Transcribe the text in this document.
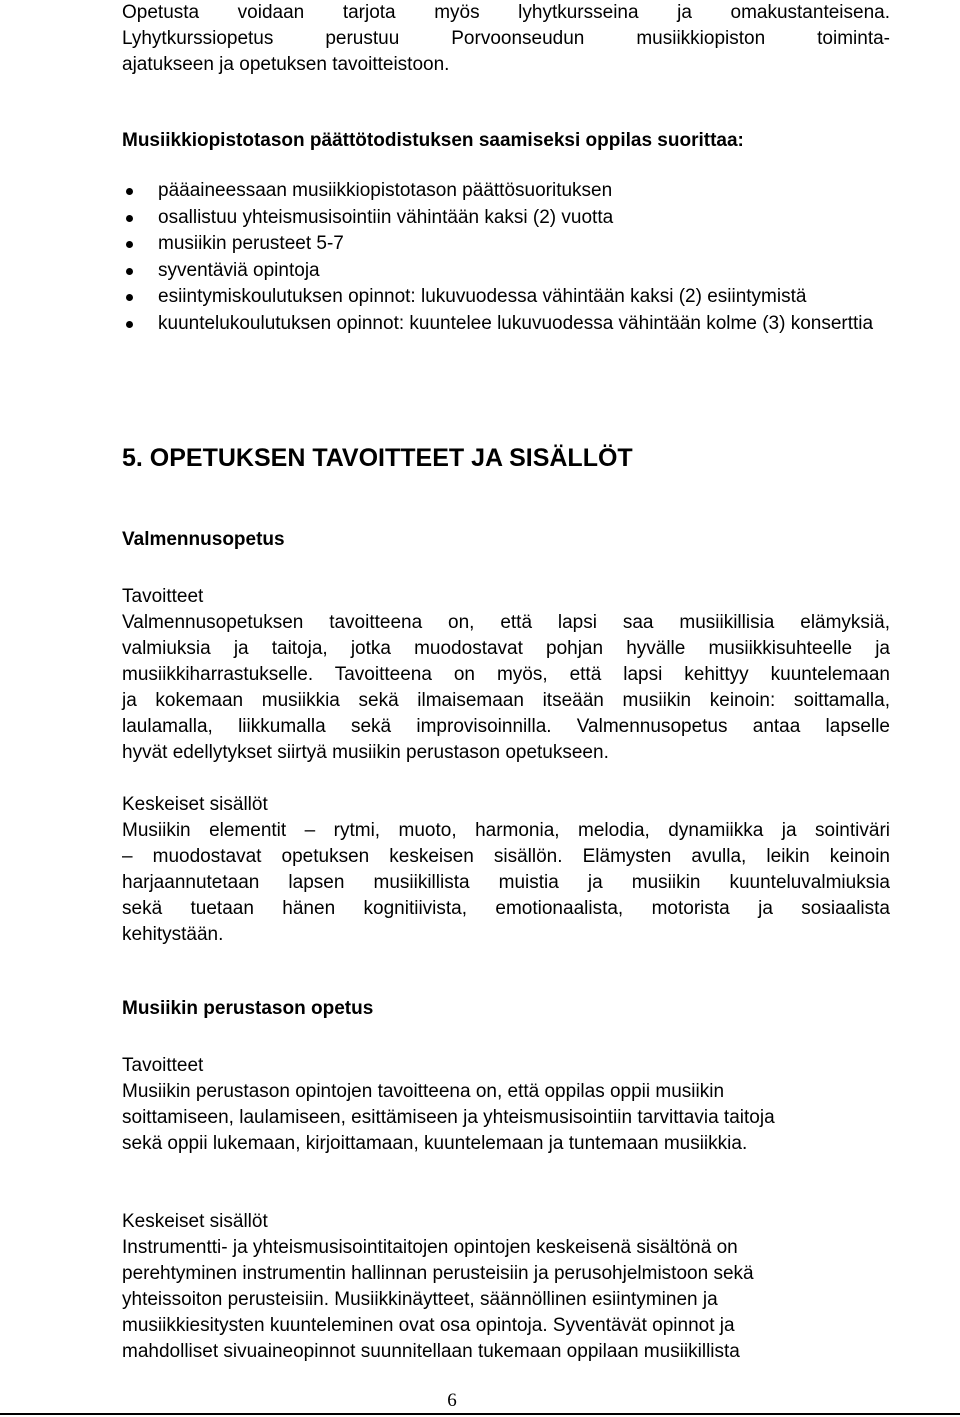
Opetusta voidaan tarjota myös lyhytkursseina ja omakustanteisena.
Lyhytkurssiopetus perustuu Porvoonseudun musiikkiopiston toiminta-
ajatukseen ja opetuksen tavoitteistoon.

Musiikkiopistotason päättötodistuksen saamiseksi oppilas suorittaa:

pääaineessaan musiikkiopistotason päättösuorituksen
osallistuu yhteismusisointiin vähintään kaksi (2) vuotta
musiikin perusteet 5-7
syventäviä opintoja
esiintymiskoulutuksen opinnot: lukuvuodessa vähintään kaksi (2) esiintymistä
kuuntelukoulutuksen opinnot: kuuntelee lukuvuodessa vähintään kolme (3) konserttia
5. OPETUKSEN TAVOITTEET JA SISÄLLÖT

Valmennusopetus

Tavoitteet

Valmennusopetuksen tavoitteena on, että lapsi saa musiikillisia elämyksiä,
valmiuksia ja taitoja, jotka muodostavat pohjan hyvälle musiikkisuhteelle ja
musiikkiharrastukselle. Tavoitteena on myös, että lapsi kehittyy kuuntelemaan
ja kokemaan musiikkia sekä ilmaisemaan itseään musiikin keinoin: soittamalla,
laulamalla, liikkumalla sekä improvisoinnilla. Valmennusopetus antaa lapselle
hyvät edellytykset siirtyä musiikin perustason opetukseen.

Keskeiset sisällöt

Musiikin elementit – rytmi, muoto, harmonia, melodia, dynamiikka ja sointiväri
– muodostavat opetuksen keskeisen sisällön. Elämysten avulla, leikin keinoin
harjaannutetaan lapsen musiikillista muistia ja musiikin kuunteluvalmiuksia
sekä tuetaan hänen kognitiivista, emotionaalista, motorista ja sosiaalista
kehitystään.

Musiikin perustason opetus

Tavoitteet

Musiikin perustason opintojen tavoitteena on, että oppilas oppii musiikin
soittamiseen, laulamiseen, esittämiseen ja yhteismusisointiin tarvittavia taitoja
sekä oppii lukemaan, kirjoittamaan, kuuntelemaan ja tuntemaan musiikkia.

Keskeiset sisällöt

Instrumentti- ja yhteismusisointitaitojen opintojen keskeisenä sisältönä on
perehtyminen instrumentin hallinnan perusteisiin ja perusohjelmistoon sekä
yhteissoiton perusteisiin. Musiikkinäytteet, säännöllinen esiintyminen ja
musiikkiesitysten kuunteleminen ovat osa opintoja. Syventävät opinnot ja
mahdolliset sivuaineopinnot suunnitellaan tukemaan oppilaan musiikillista

6
